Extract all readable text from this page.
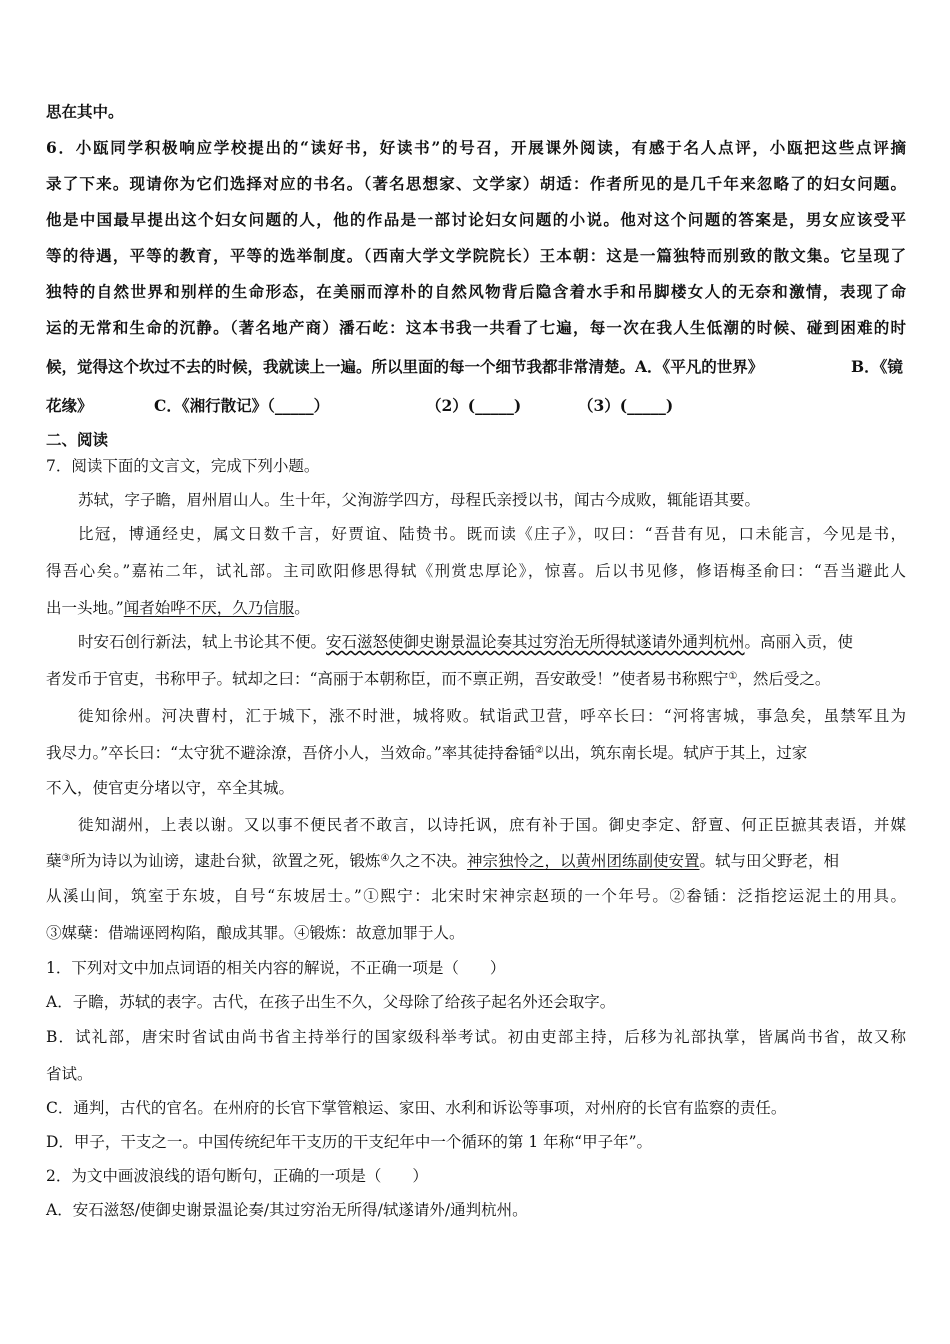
思在其中。
6．小瓯同学积极响应学校提出的“读好书，好读书”的号召，开展课外阅读，有感于名人点评，小瓯把这些点评摘
录了下来。现请你为它们选择对应的书名。（著名思想家、文学家）胡适：作者所见的是几千年来忽略了的妇女问题。
他是中国最早提出这个妇女问题的人，他的作品是一部讨论妇女问题的小说。他对这个问题的答案是，男女应该受平
等的待遇，平等的教育，平等的选举制度。（西南大学文学院院长）王本朝：这是一篇独特而别致的散文集。它呈现了
独特的自然世界和别样的生命形态，在美丽而淳朴的自然风物背后隐含着水手和吊脚楼女人的无奈和激情，表现了命
运的无常和生命的沉静。（著名地产商）潘石屹：这本书我一共看了七遍，每一次在我人生低潮的时候、碰到困难的时
候，觉得这个坎过不去的时候，我就读上一遍。所以里面的每一个细节我都非常清楚。A．《平凡的世界》	B．《镜
花缘》	C．《湘行散记》（_____）	（2）(_____)	（3）(_____)
二、阅读
7．阅读下面的文言文，完成下列小题。
苏轼，字子瞻，眉州眉山人。生十年，父洵游学四方，母程氏亲授以书，闻古今成败，辄能语其要。
比冠，博通经史，属文日数千言，好贾谊、陆贽书。既而读《庄子》，叹曰：“吾昔有见，口未能言，今见是书，
得吾心矣。”嘉祐二年，试礼部。主司欧阳修思得轼《刑赏忠厚论》，惊喜。后以书见修，修语梅圣俞曰：“吾当避此人
出一头地。”闻者始哗不厌，久乃信服。
时安石创行新法，轼上书论其不便。安石滋怒使御史谢景温论奏其过穷治无所得轼遂请外通判杭州。高丽入贡，使
者发币于官吏，书称甲子。轼却之曰：“高丽于本朝称臣，而不禀正朔，吾安敢受！”使者易书称熙宁①，然后受之。
徙知徐州。河决曹村，汇于城下，涨不时泄，城将败。轼诣武卫营，呼卒长曰：“河将害城，事急矣，虽禁军且为
我尽力。”卒长曰：“太守犹不避涂潦，吾侪小人，当效命。”率其徒持畚锸②以出，筑东南长堤。轼庐于其上，过家
不入，使官吏分堵以守，卒全其城。
徙知湖州，上表以谢。又以事不便民者不敢言，以诗托讽，庶有补于国。御史李定、舒亶、何正臣摭其表语，并媒
蘖③所为诗以为讪谤，逮赴台狱，欲置之死，锻炼④久之不决。神宗独怜之，以黄州团练副使安置。轼与田父野老，相
从溪山间，筑室于东坡，自号“东坡居士。”①熙宁：北宋时宋神宗赵顼的一个年号。②畚锸：泛指挖运泥土的用具。
③媒蘖：借端诬罔构陷，酿成其罪。④锻炼：故意加罪于人。
1．下列对文中加点词语的相关内容的解说，不正确一项是（　　）
A．子瞻，苏轼的表字。古代，在孩子出生不久，父母除了给孩子起名外还会取字。
B．试礼部，唐宋时省试由尚书省主持举行的国家级科举考试。初由吏部主持，后移为礼部执掌，皆属尚书省，故又称
省试。
C．通判，古代的官名。在州府的长官下掌管粮运、家田、水利和诉讼等事项，对州府的长官有监察的责任。
D．甲子，干支之一。中国传统纪年干支历的干支纪年中一个循环的第 1 年称“甲子年”。
2．为文中画波浪线的语句断句，正确的一项是（　　）
A．安石滋怒/使御史谢景温论奏/其过穷治无所得/轼遂请外/通判杭州。
